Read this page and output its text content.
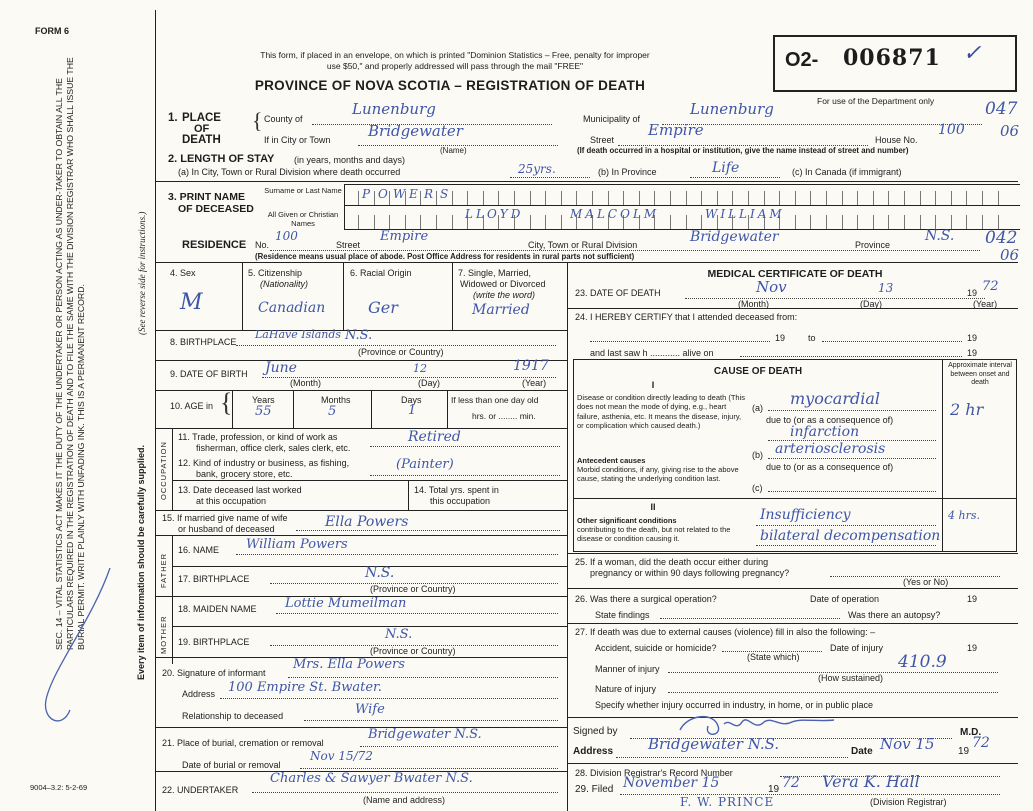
FORM 6
This form, if placed in an envelope, on which is printed "Dominion Statistics – Free, penalty for improper
use $50," and properly addressed will pass through the mail "FREE"
PROVINCE OF NOVA SCOTIA – REGISTRATION OF DEATH
O2- 006871 ✓
For use of the Department only	047
06
042
06
SEC. 14 – VITAL STATISTICS ACT MAKES IT THE DUTY OF THE UNDERTAKER OR PERSON ACTING AS UNDER-TAKER TO OBTAIN ALL THE PARTICULARS REQUIRED IN THE REGISTRATION OF DEATH AND TO FILE THE SAME WITH THE DIVISION REGISTRAR WHO SHALL ISSUE THE BURIAL PERMIT. WRITE PLAINLY WITH UNFADING INK. THIS IS A PERMANENT RECORD.	Every item of information should be carefully supplied.
(See reverse side for instructions.)
9004–3.2: 5-2-69
1. PLACE
OF
DEATH
{ County of
Lunenburg
Municipality of
Lunenburg
If in City or Town	Bridgewater
(Name)
Street
Empire
House No.
100
(If death occurred in a hospital or institution, give the name instead of street and number)
2. LENGTH OF STAY (in years, months and days)
(a) In City, Town or Rural Division where death occurred	25yrs.	(b) In Province	Life	(c) In Canada (if immigrant)
3. PRINT NAME
OF DECEASED
Surname or Last Name
All Given or Christian Names
P O W E R S
LLOYD	MALCOLM	WILLIAM
RESIDENCE No.
100
Street
Empire
City, Town or Rural Division	Bridgewater	Province
N.S.
(Residence means usual place of abode. Post Office Address for residents in rural parts not sufficient)
4. Sex
M
5. Citizenship
(Nationality)
Canadian
6. Racial Origin
Ger
7. Single, Married,
Widowed or Divorced
(write the word)
Married
8. BIRTHPLACE
LaHave Islands N.S.
(Province or Country)
9. DATE OF BIRTH June	12	1917
(Month)	(Day)	(Year)
10. AGE in { Years	Months	Days
55	5	1
If less than one day old
hrs. or ........ min.
OCCUPATION
11. Trade, profession, or kind of work as
fisherman, office clerk, sales clerk, etc.
Retired
12. Kind of industry or business, as fishing,
bank, grocery store, etc.
(Painter)
13. Date deceased last worked
at this occupation
14. Total yrs. spent in
this occupation
15. If married give name of wife
or husband of deceased	Ella Powers
FATHER
16. NAME William Powers
17. BIRTHPLACE	N.S.
(Province or Country)
MOTHER
18. MAIDEN NAME Lottie Mumeilman
19. BIRTHPLACE	N.S.
(Province or Country)
20. Signature of informant
Mrs. Ella Powers
Address 100 Empire St. Bwater.
Relationship to deceased	Wife
21. Place of burial, cremation or removal
Bridgewater N.S.
Date of burial or removal
Nov 15/72
22. UNDERTAKER
Charles & Sawyer Bwater N.S.
(Name and address)
MEDICAL CERTIFICATE OF DEATH
23. DATE OF DEATH	Nov	13	19 72
(Month)	(Day)	(Year)
24. I HEREBY CERTIFY that I attended deceased from:
19	to	19
and last saw h ............ alive on	19
CAUSE OF DEATH
Approximate interval between onset and death
I
Disease or condition directly leading to death (This does not mean the mode of dying, e.g., heart failure, asthenia, etc. It means the disease, injury, or complication which caused death.)
(a) myocardial
2 hr
due to (or as a consequence of)
infarction
Antecedent causes
Morbid conditions, if any, giving rise to the above cause, stating the underlying condition last.
(b) arteriosclerosis
due to (or as a consequence of)
(c)
II
Other significant conditions
contributing to the death, but not related to the disease or condition causing it.
Insufficiency	4 hrs.
bilateral decompensation
25. If a woman, did the death occur either during
pregnancy or within 90 days following pregnancy?
(Yes or No)
26. Was there a surgical operation?	Date of operation	19
State findings	Was there an autopsy?
27. If death was due to external causes (violence) fill in also the following: –
Accident, suicide or homicide?
(State which)
Date of injury	19
Manner of injury	410.9
(How sustained)
Nature of injury
Specify whether injury occurred in industry, in home, or in public place
Signed by	M.D.
Address Bridgewater N.S.	Date Nov 15 19
72
28. Division Registrar's Record Number
29. Filed November 15	19 72 Vera K. Hall
(Division Registrar)
F. W. PRINCE
